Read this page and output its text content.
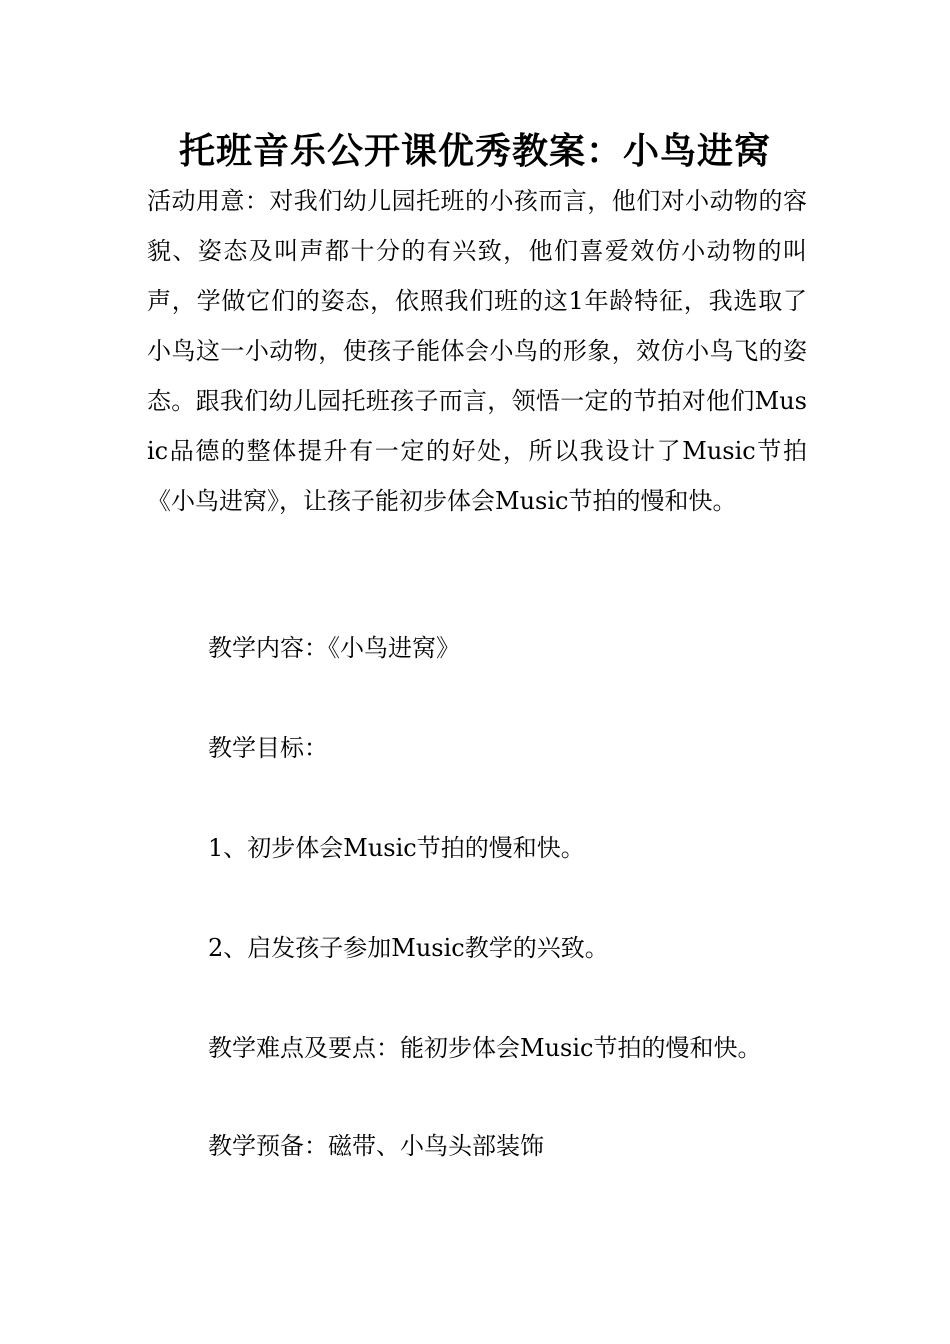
托班音乐公开课优秀教案：小鸟进窝

活动用意：对我们幼儿园托班的小孩而言，他们对小动物的容貌、姿态及叫声都十分的有兴致，他们喜爱效仿小动物的叫声，学做它们的姿态，依照我们班的这1年龄特征，我选取了小鸟这一小动物，使孩子能体会小鸟的形象，效仿小鸟飞的姿态。跟我们幼儿园托班孩子而言，领悟一定的节拍对他们Music品德的整体提升有一定的好处，所以我设计了Music节拍《小鸟进窝》，让孩子能初步体会Music节拍的慢和快。

教学内容：《小鸟进窝》

教学目标：

1、初步体会Music节拍的慢和快。

2、启发孩子参加Music教学的兴致。

教学难点及要点：能初步体会Music节拍的慢和快。

教学预备：磁带、小鸟头部装饰
